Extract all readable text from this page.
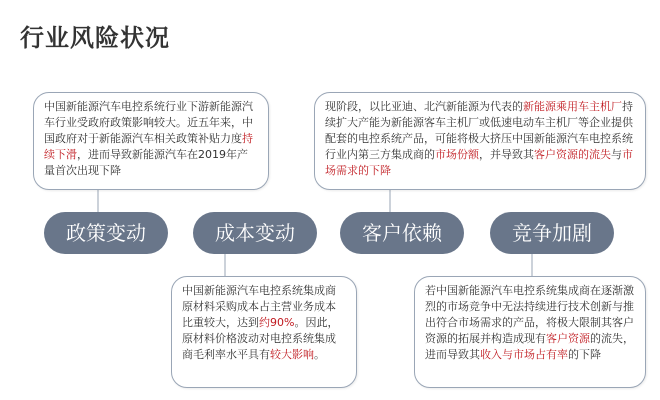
行业风险状况
中国新能源汽车电控系统行业下游新能源汽车行业受政府政策影响较大。近五年来，中国政府对于新能源汽车相关政策补贴力度持续下滑，进而导致新能源汽车在2019年产量首次出现下降
现阶段，以比亚迪、北汽新能源为代表的新能源乘用车主机厂持续扩大产能为新能源客车主机厂或低速电动车主机厂等企业提供配套的电控系统产品，可能将极大挤压中国新能源汽车电控系统行业内第三方集成商的市场份额，并导致其客户资源的流失与市场需求的下降
政策变动	成本变动	客户依赖	竞争加剧
中国新能源汽车电控系统集成商原材料采购成本占主营业务成本比重较大，达到约90%。因此，原材料价格波动对电控系统集成商毛利率水平具有较大影响。
若中国新能源汽车电控系统集成商在逐渐激烈的市场竞争中无法持续进行技术创新与推出符合市场需求的产品，将极大限制其客户资源的拓展并构造成现有客户资源的流失，进而导致其收入与市场占有率的下降
